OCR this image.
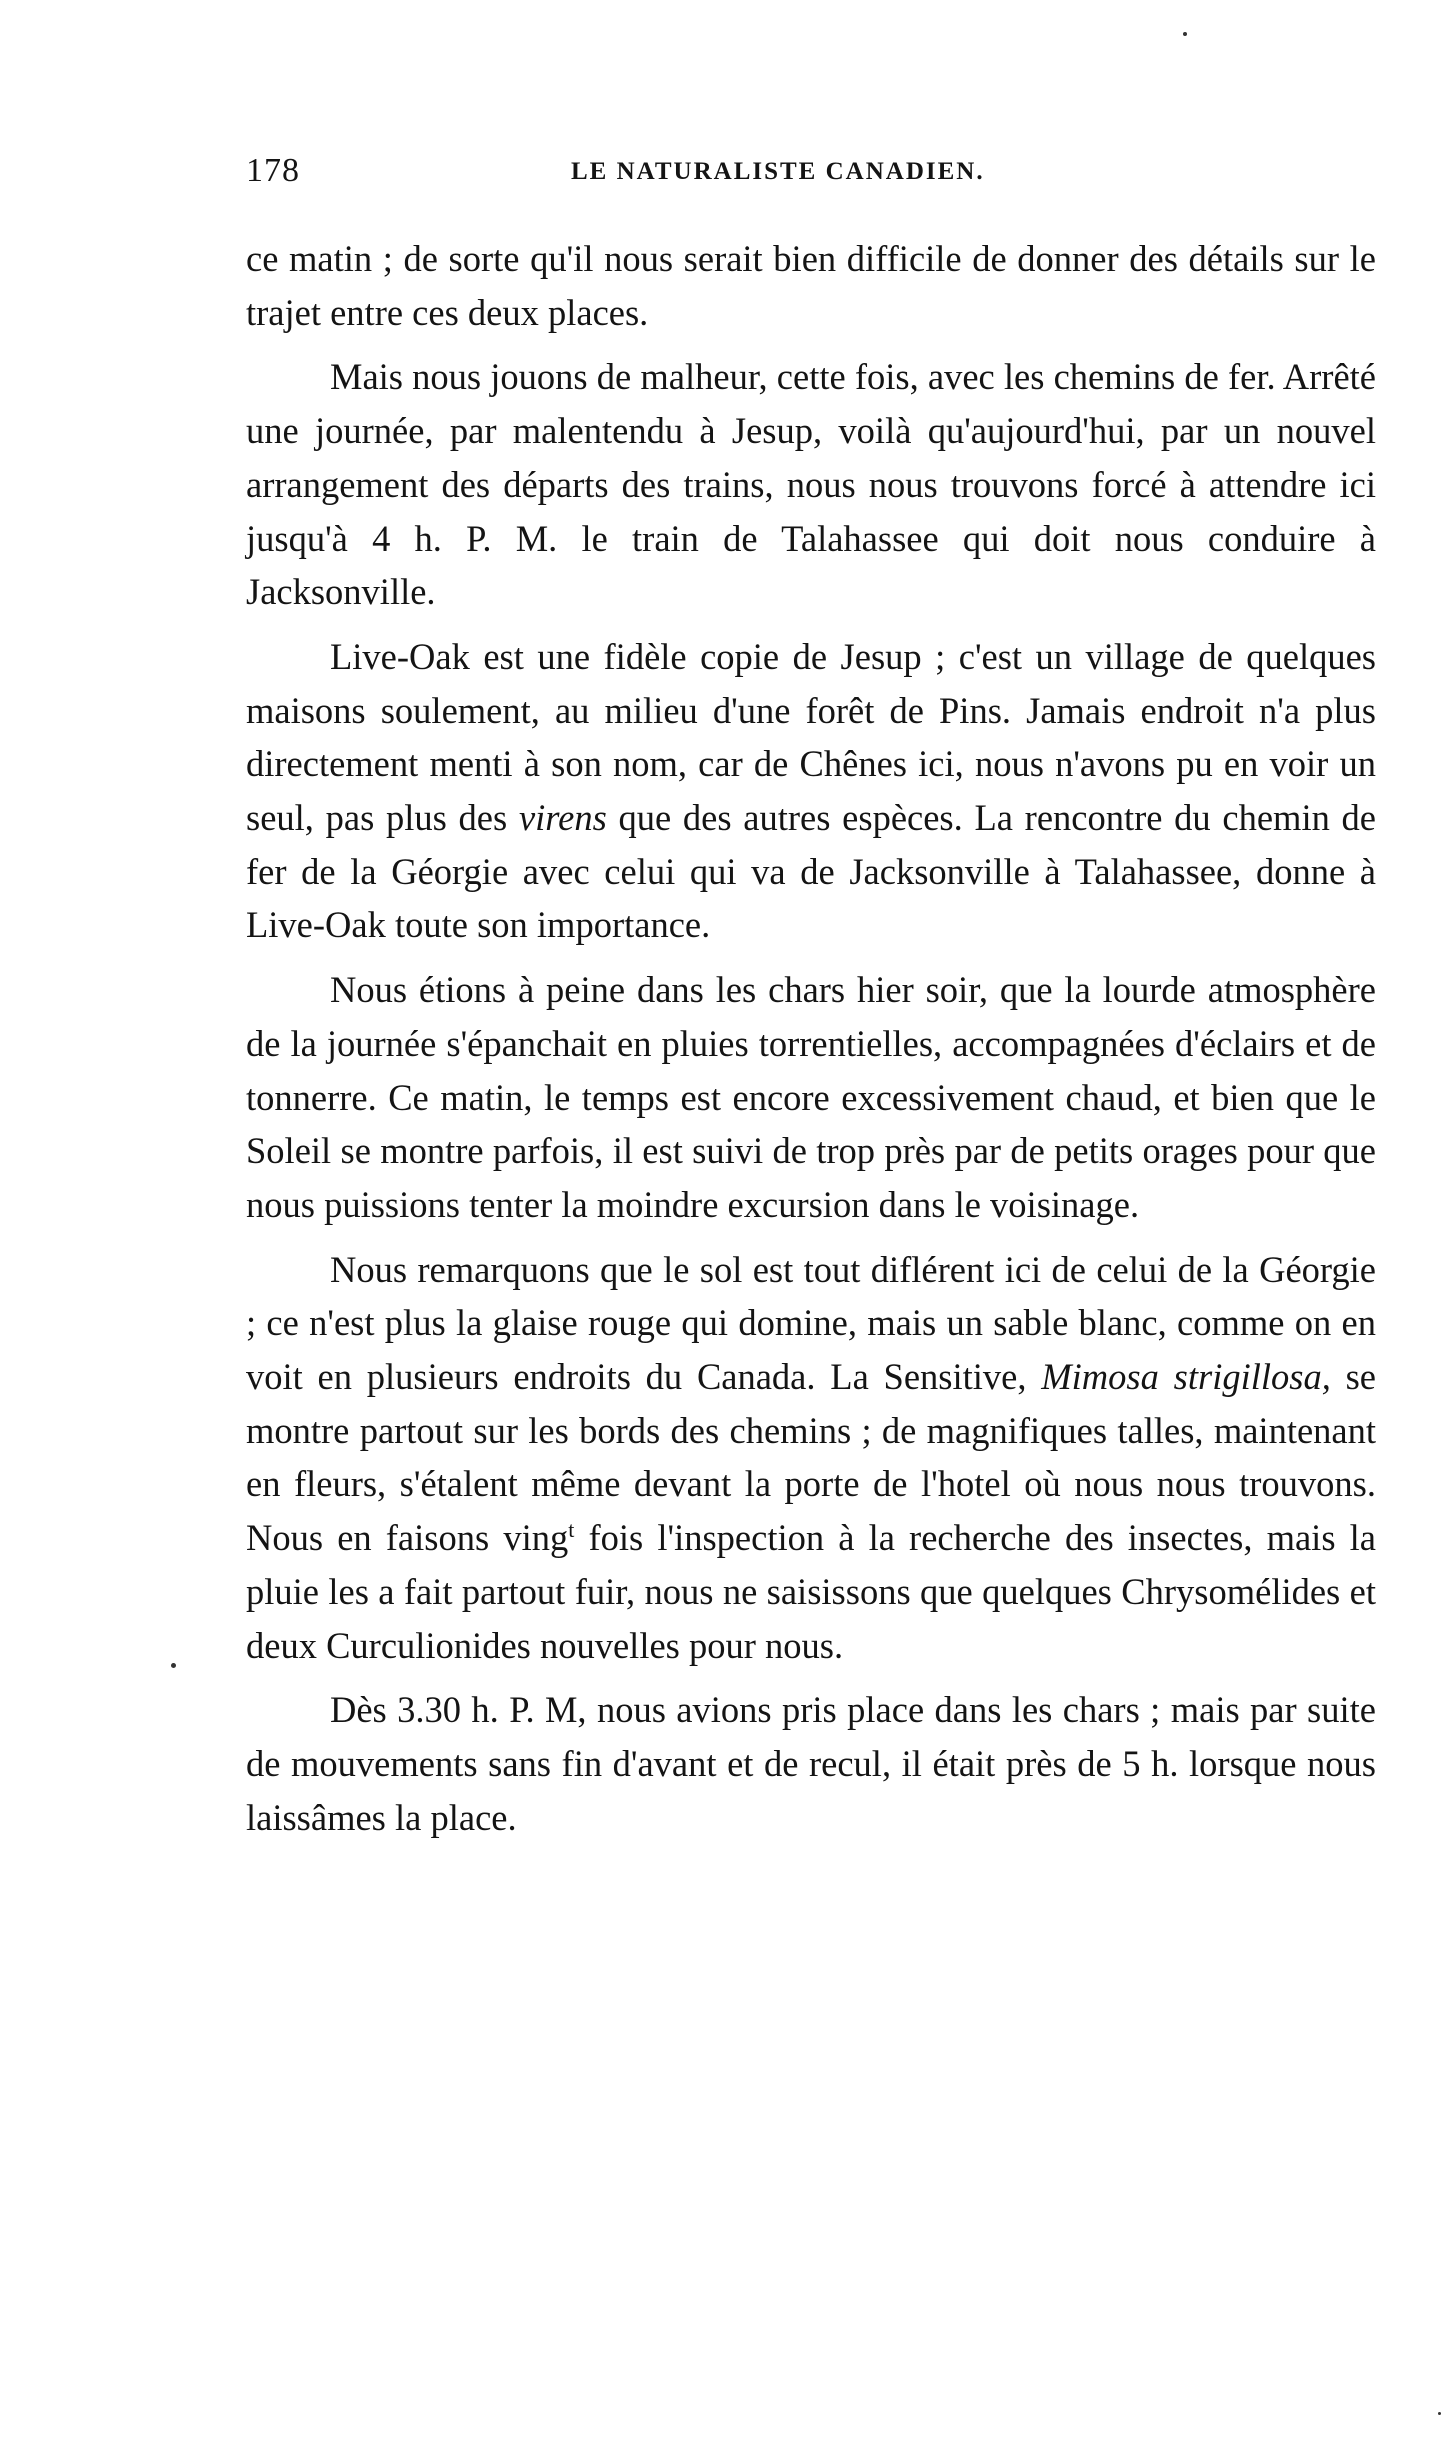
178	LE NATURALISTE CANADIEN.

ce matin ; de sorte qu'il nous serait bien difficile de donner des détails sur le trajet entre ces deux places.

Mais nous jouons de malheur, cette fois, avec les chemins de fer. Arrêté une journée, par malentendu à Jesup, voilà qu'aujourd'hui, par un nouvel arrangement des départs des trains, nous nous trouvons forcé à attendre ici jusqu'à 4 h. P. M. le train de Talahassee qui doit nous conduire à Jacksonville.

Live-Oak est une fidèle copie de Jesup ; c'est un village de quelques maisons soulement, au milieu d'une forêt de Pins. Jamais endroit n'a plus directement menti à son nom, car de Chênes ici, nous n'avons pu en voir un seul, pas plus des virens que des autres espèces. La rencontre du chemin de fer de la Géorgie avec celui qui va de Jacksonville à Talahassee, donne à Live-Oak toute son importance.

Nous étions à peine dans les chars hier soir, que la lourde atmosphère de la journée s'épanchait en pluies torrentielles, accompagnées d'éclairs et de tonnerre. Ce matin, le temps est encore excessivement chaud, et bien que le Soleil se montre parfois, il est suivi de trop près par de petits orages pour que nous puissions tenter la moindre excursion dans le voisinage.

Nous remarquons que le sol est tout diflérent ici de celui de la Géorgie ; ce n'est plus la glaise rouge qui domine, mais un sable blanc, comme on en voit en plusieurs endroits du Canada. La Sensitive, Mimosa strigillosa, se montre partout sur les bords des chemins ; de magnifiques talles, maintenant en fleurs, s'étalent même devant la porte de l'hotel où nous nous trouvons. Nous en faisons ving$^t$ fois l'inspection à la recherche des insectes, mais la pluie les a fait partout fuir, nous ne saisissons que quelques Chrysomélides et deux Curculionides nouvelles pour nous.

Dès 3.30 h. P. M, nous avions pris place dans les chars ; mais par suite de mouvements sans fin d'avant et de recul, il était près de 5 h. lorsque nous laissâmes la place.
